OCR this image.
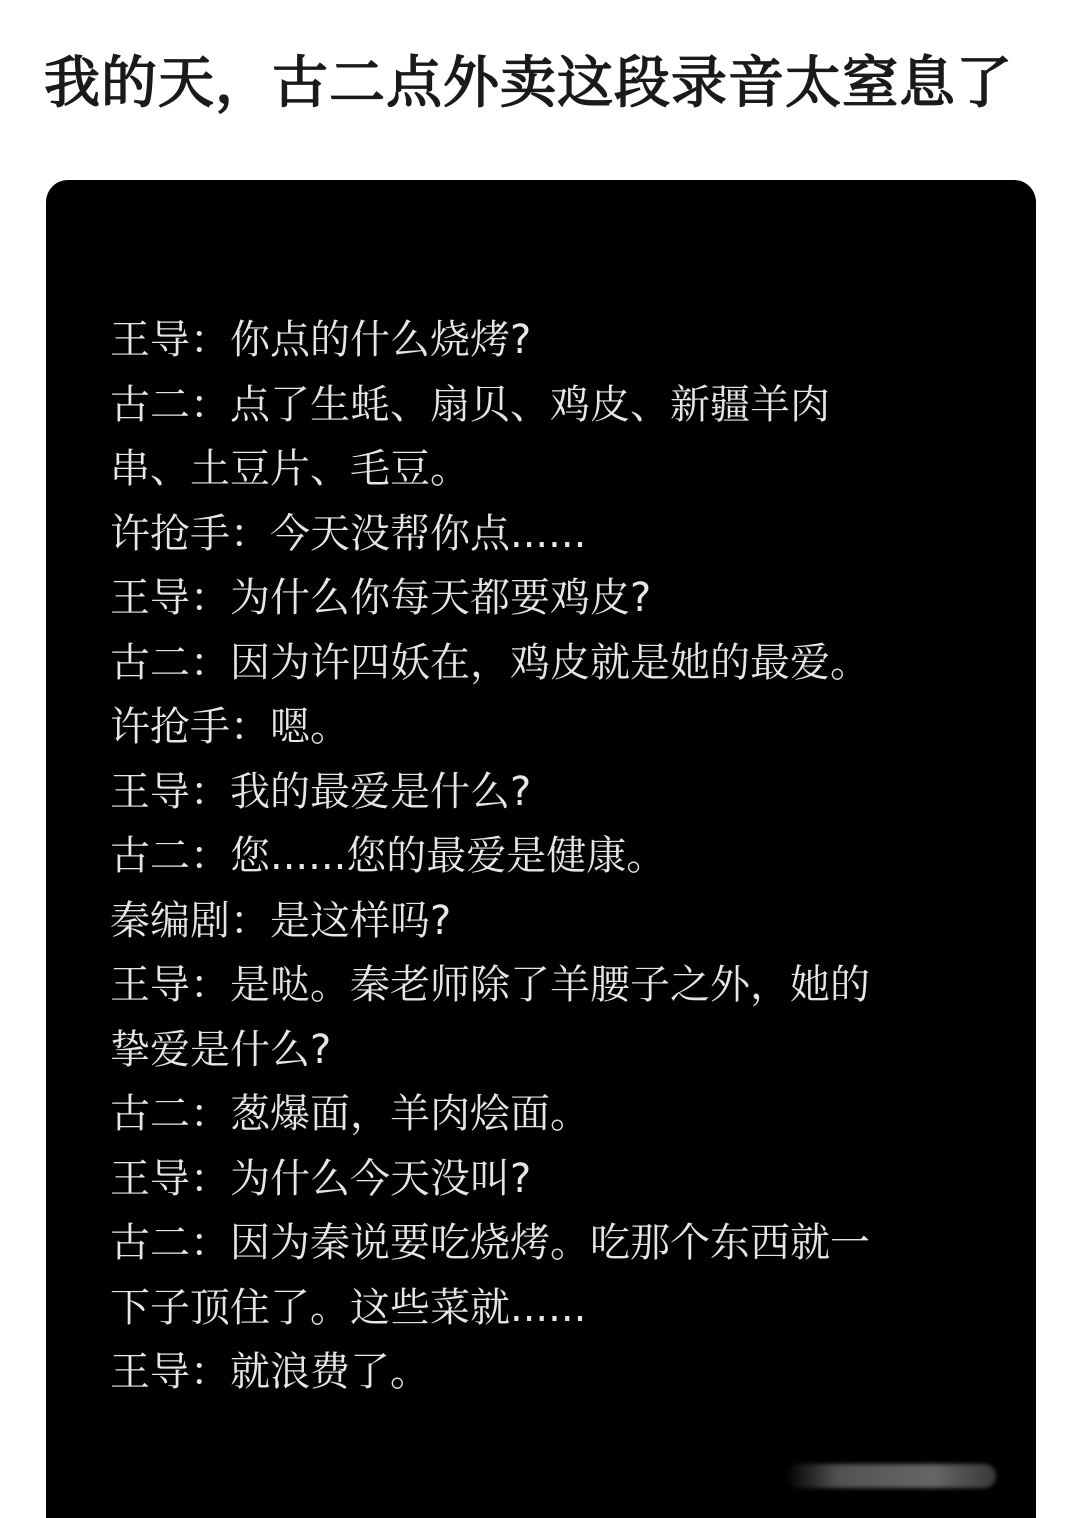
我的天，古二点外卖这段录音太窒息了
王导：你点的什么烧烤?
古二：点了生蚝、扇贝、鸡皮、新疆羊肉
串、土豆片、毛豆。
许抢手：今天没帮你点......
王导：为什么你每天都要鸡皮?
古二：因为许四妖在，鸡皮就是她的最爱。
许抢手：嗯。
王导：我的最爱是什么?
古二：您......您的最爱是健康。
秦编剧：是这样吗?
王导：是哒。秦老师除了羊腰子之外，她的
挚爱是什么?
古二：葱爆面，羊肉烩面。
王导：为什么今天没叫?
古二：因为秦说要吃烧烤。吃那个东西就一
下子顶住了。这些菜就......
王导：就浪费了。
